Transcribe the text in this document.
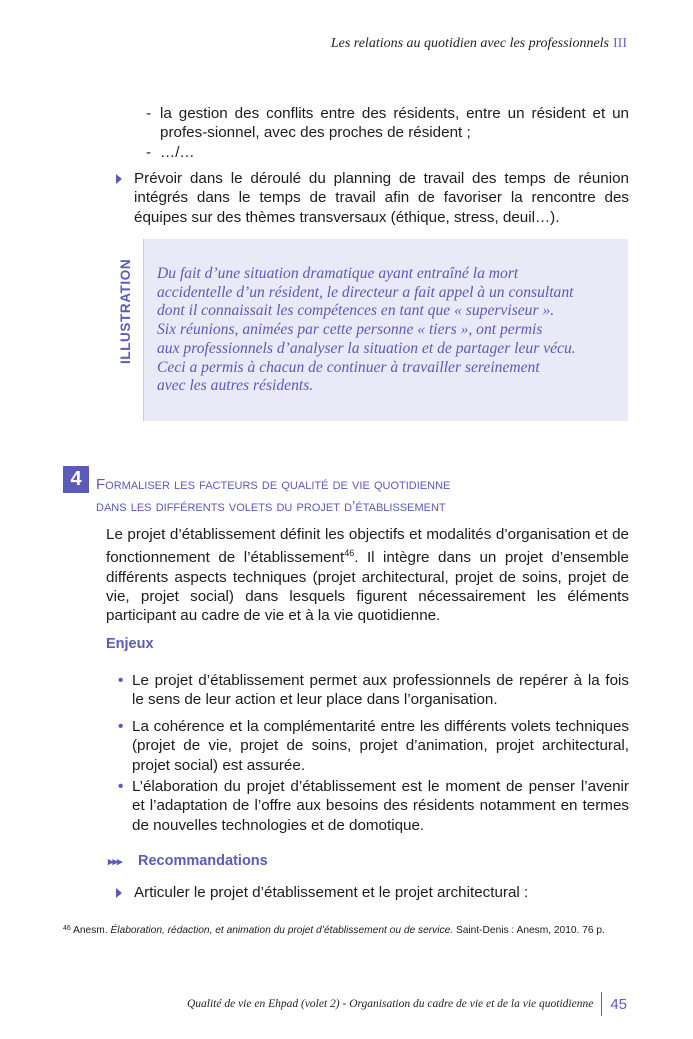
Les relations au quotidien avec les professionnels III
- la gestion des conflits entre des résidents, entre un résident et un profes-sionnel, avec des proches de résident ;
- …/…
Prévoir dans le déroulé du planning de travail des temps de réunion intégrés dans le temps de travail afin de favoriser la rencontre des équipes sur des thèmes transversaux (éthique, stress, deuil…).
ILLUSTRATION Du fait d’une situation dramatique ayant entraîné la mort
accidentelle d’un résident, le directeur a fait appel à un consultant
dont il connaissait les compétences en tant que « superviseur ».
Six réunions, animées par cette personne « tiers », ont permis
aux professionnels d’analyser la situation et de partager leur vécu.
Ceci a permis à chacun de continuer à travailler sereinement
avec les autres résidents.
4 Formaliser les facteurs de qualité de vie quotidienne
dans les différents volets du projet d’établissement

Le projet d’établissement définit les objectifs et modalités d’organisation et de fonctionnement de l’établissement$^{46}$. Il intègre dans un projet d’ensemble différents aspects techniques (projet architectural, projet de soins, projet de vie, projet social) dans lesquels figurent nécessairement les éléments participant au cadre de vie et à la vie quotidienne.

Enjeux
• Le projet d’établissement permet aux professionnels de repérer à la fois le sens de leur action et leur place dans l’organisation.
• La cohérence et la complémentarité entre les différents volets techniques (projet de vie, projet de soins, projet d’animation, projet architectural, projet social) est assurée.
• L’élaboration du projet d’établissement est le moment de penser l’avenir et l’adaptation de l’offre aux besoins des résidents notamment en termes de nouvelles technologies et de domotique.
▸▸▸ Recommandations
Articuler le projet d’établissement et le projet architectural :
$^{46}$ Anesm. Élaboration, rédaction, et animation du projet d’établissement ou de service. Saint-Denis : Anesm, 2010. 76 p.
Qualité de vie en Ehpad (volet 2) - Organisation du cadre de vie et de la vie quotidienne 45
